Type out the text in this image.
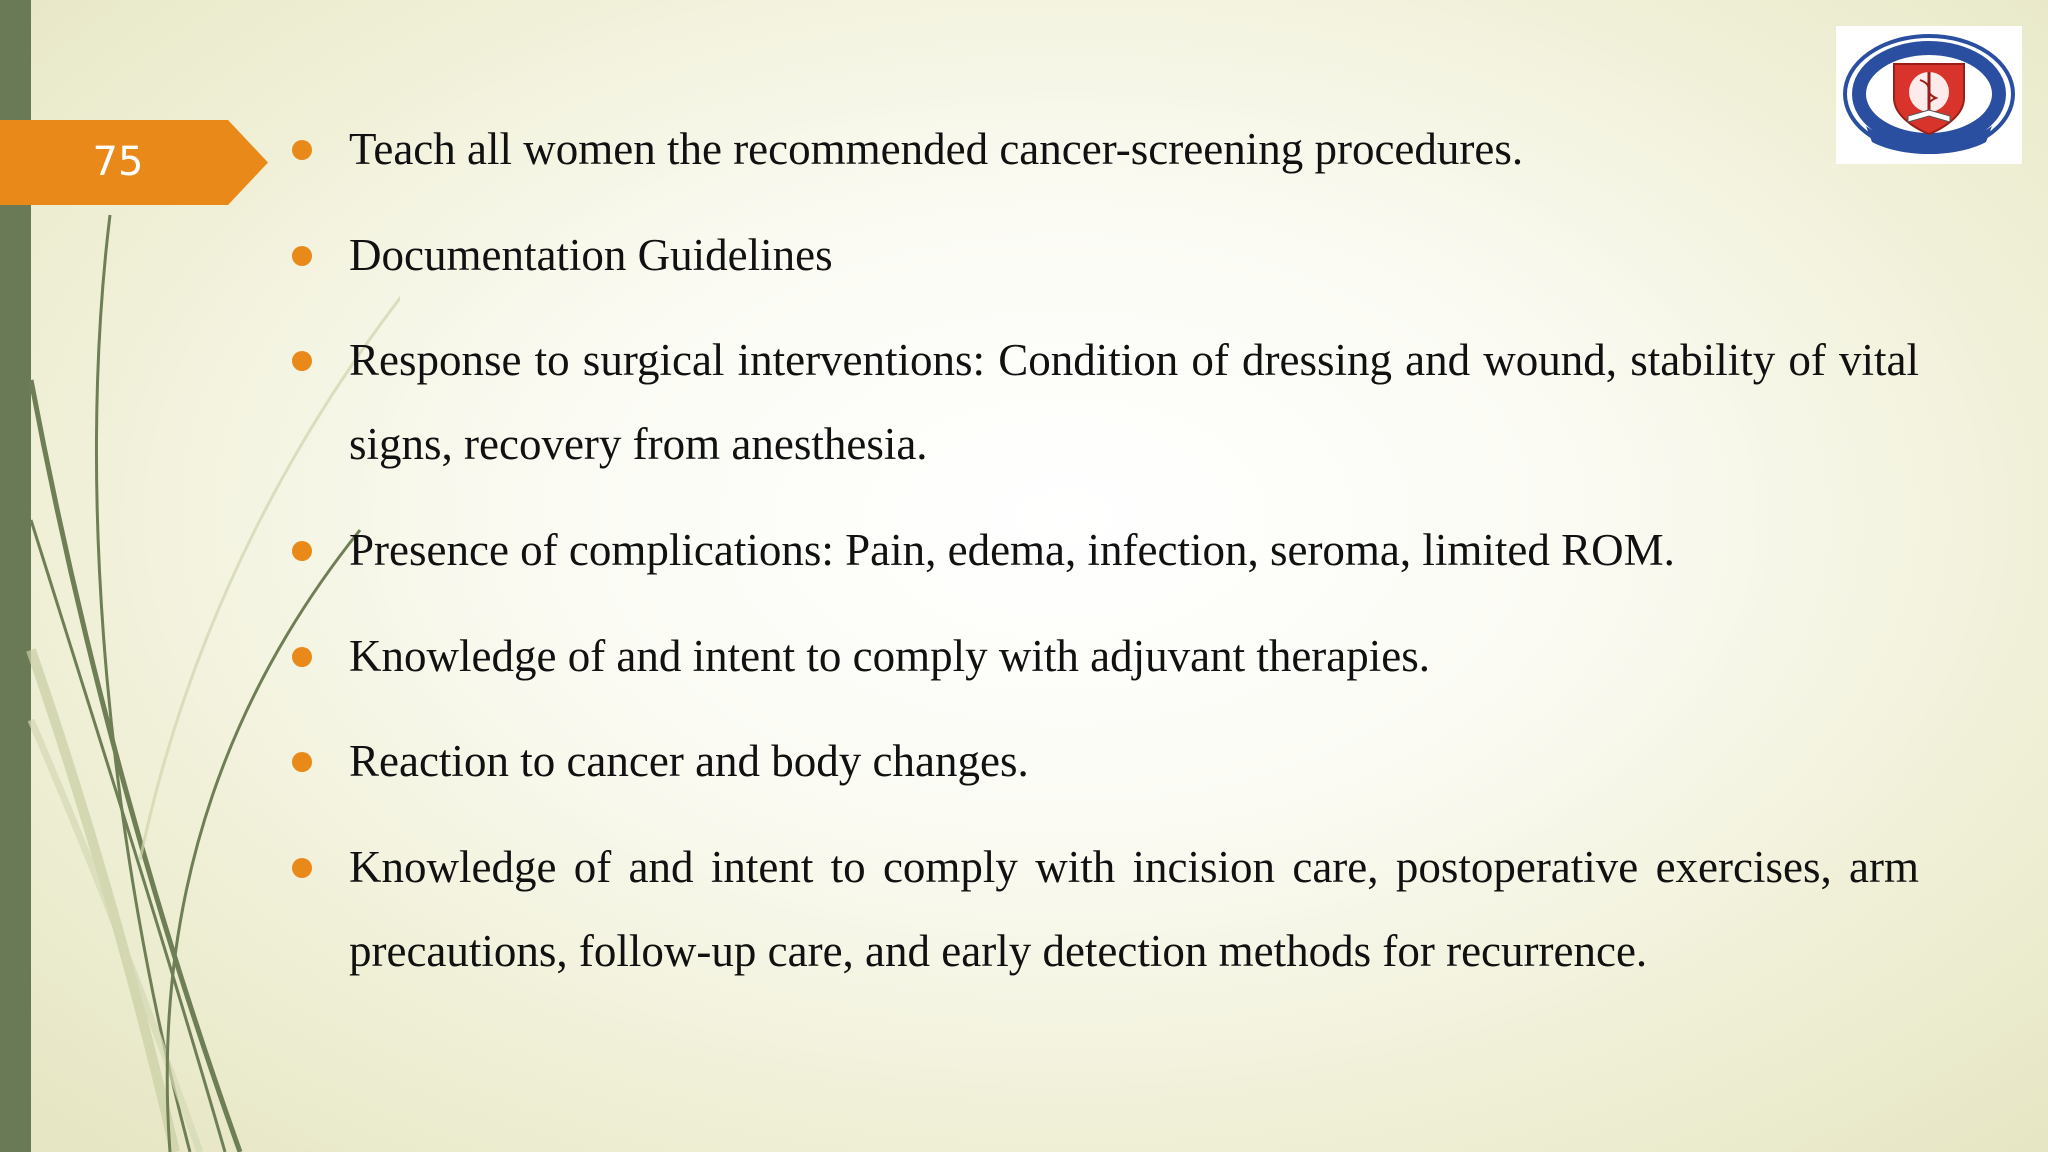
75	Teach all women the recommended cancer-screening procedures.
Documentation Guidelines
Response to surgical interventions: Condition of dressing and wound, stability of vital signs, recovery from anesthesia.
Presence of complications: Pain, edema, infection, seroma, limited ROM.
Knowledge of and intent to comply with adjuvant therapies.
Reaction to cancer and body changes.
Knowledge of and intent to comply with incision care, postoperative exercises, arm precautions, follow-up care, and early detection methods for recurrence.
